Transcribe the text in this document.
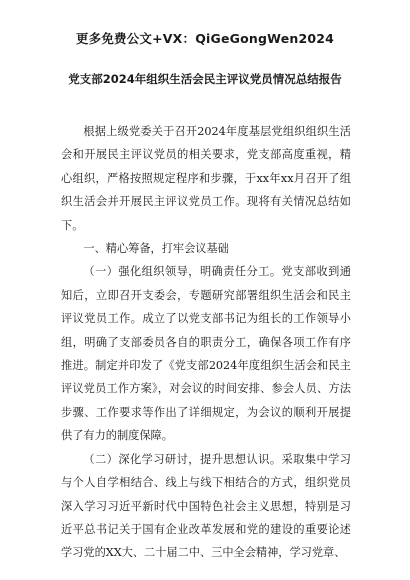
更多免费公文+VX：QiGeGongWen2024
党支部2024年组织生活会民主评议党员情况总结报告

根据上级党委关于召开2024年度基层党组织组织生活会和开展民主评议党员的相关要求，党支部高度重视，精心组织，严格按照规定程序和步骤，于xx年xx月召开了组织生活会并开展民主评议党员工作。现将有关情况总结如下。

一、精心筹备，打牢会议基础

（一）强化组织领导，明确责任分工。党支部收到通知后，立即召开支委会，专题研究部署组织生活会和民主评议党员工作。成立了以党支部书记为组长的工作领导小组，明确了支部委员各自的职责分工，确保各项工作有序推进。制定并印发了《党支部2024年度组织生活会和民主评议党员工作方案》，对会议的时间安排、参会人员、方法步骤、工作要求等作出了详细规定，为会议的顺利开展提供了有力的制度保障。

（二）深化学习研讨，提升思想认识。采取集中学习与个人自学相结合、线上与线下相结合的方式，组织党员深入学习习近平新时代中国特色社会主义思想，特别是习近平总书记关于国有企业改革发展和党的建设的重要论述学习党的XX大、二十届二中、三中全会精神，学习党章、
